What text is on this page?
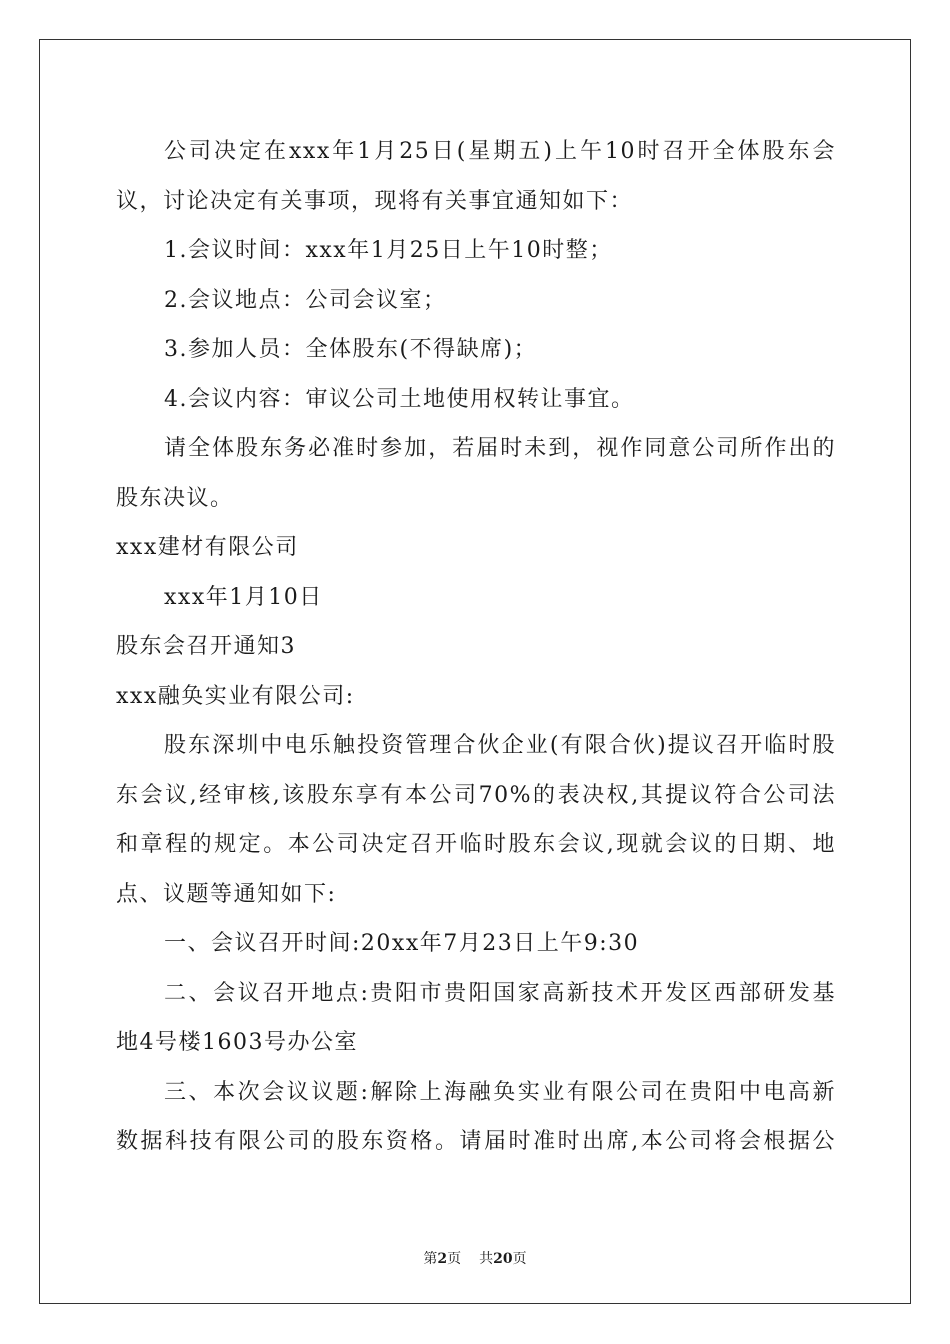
公司决定在xxx年1月25日(星期五)上午10时召开全体股东会
议，讨论决定有关事项，现将有关事宜通知如下：
1.会议时间：xxx年1月25日上午10时整；
2.会议地点：公司会议室；
3.参加人员：全体股东(不得缺席)；
4.会议内容：审议公司土地使用权转让事宜。
请全体股东务必准时参加，若届时未到，视作同意公司所作出的
股东决议。
xxx建材有限公司
xxx年1月10日
股东会召开通知3
xxx融奂实业有限公司:
股东深圳中电乐触投资管理合伙企业(有限合伙)提议召开临时股
东会议,经审核,该股东享有本公司70%的表决权,其提议符合公司法
和章程的规定。本公司决定召开临时股东会议,现就会议的日期、地
点、议题等通知如下:
一、会议召开时间:20xx年7月23日上午9:30
二、会议召开地点:贵阳市贵阳国家高新技术开发区西部研发基
地4号楼1603号办公室
三、本次会议议题:解除上海融奂实业有限公司在贵阳中电高新
数据科技有限公司的股东资格。请届时准时出席,本公司将会根据公
第2页 共20页
